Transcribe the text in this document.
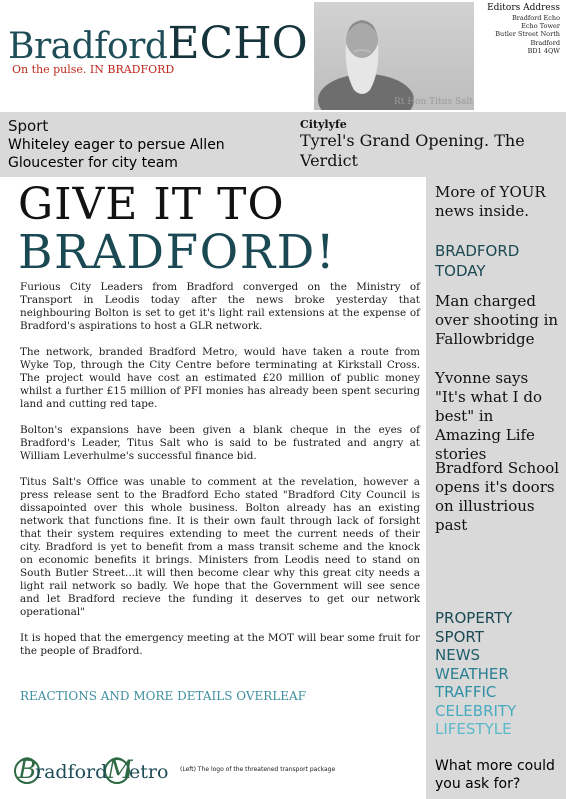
BradfordECHO
On the pulse. IN BRADFORD
Rt Hon Titus Salt
Editors Address
Bradford Echo
Echo Tower
Butler Street North
Bradford
BD1 4QW
Sport
Whiteley eager to persue Allen Gloucester for city team
Citylyfe
Tyrel's Grand Opening. The Verdict
GIVE IT TO
BRADFORD!

Furious City Leaders from Bradford converged on the Ministry of Transport in Leodis today after the news broke yesterday that neighbouring Bolton is set to get it's light rail extensions at the expense of Bradford's aspirations to host a GLR network.

The network, branded Bradford Metro, would have taken a route from Wyke Top, through the City Centre before terminating at Kirkstall Cross. The project would have cost an estimated £20 million of public money whilst a further £15 million of PFI monies has already been spent securing land and cutting red tape.

Bolton's expansions have been given a blank cheque in the eyes of Bradford's Leader, Titus Salt who is said to be fustrated and angry at William Leverhulme's successful finance bid.

Titus Salt's Office was unable to comment at the revelation, however a press release sent to the Bradford Echo stated "Bradford City Council is dissapointed over this whole business. Bolton already has an existing network that functions fine. It is their own fault through lack of forsight that their system requires extending to meet the current needs of their city. Bradford is yet to benefit from a mass transit scheme and the knock on economic benefits it brings. Ministers from Leodis need to stand on South Butler Street...it will then become clear why this great city needs a light rail network so badly. We hope that the Government will see sence and let Bradford recieve the funding it deserves to get our network operational"

It is hoped that the emergency meeting at the MOT will bear some fruit for the people of Bradford.

REACTIONS AND MORE DETAILS OVERLEAF
B
radford M
etro (Left) The logo of the threatened transport package
More of YOUR news inside.
BRADFORD TODAY
Man charged over shooting in Fallowbridge
Yvonne says "It's what I do best" in Amazing Life stories
Bradford School opens it's doors on illustrious past
PROPERTY
SPORT
NEWS
WEATHER
TRAFFIC
CELEBRITY
LIFESTYLE
What more could you ask for?
